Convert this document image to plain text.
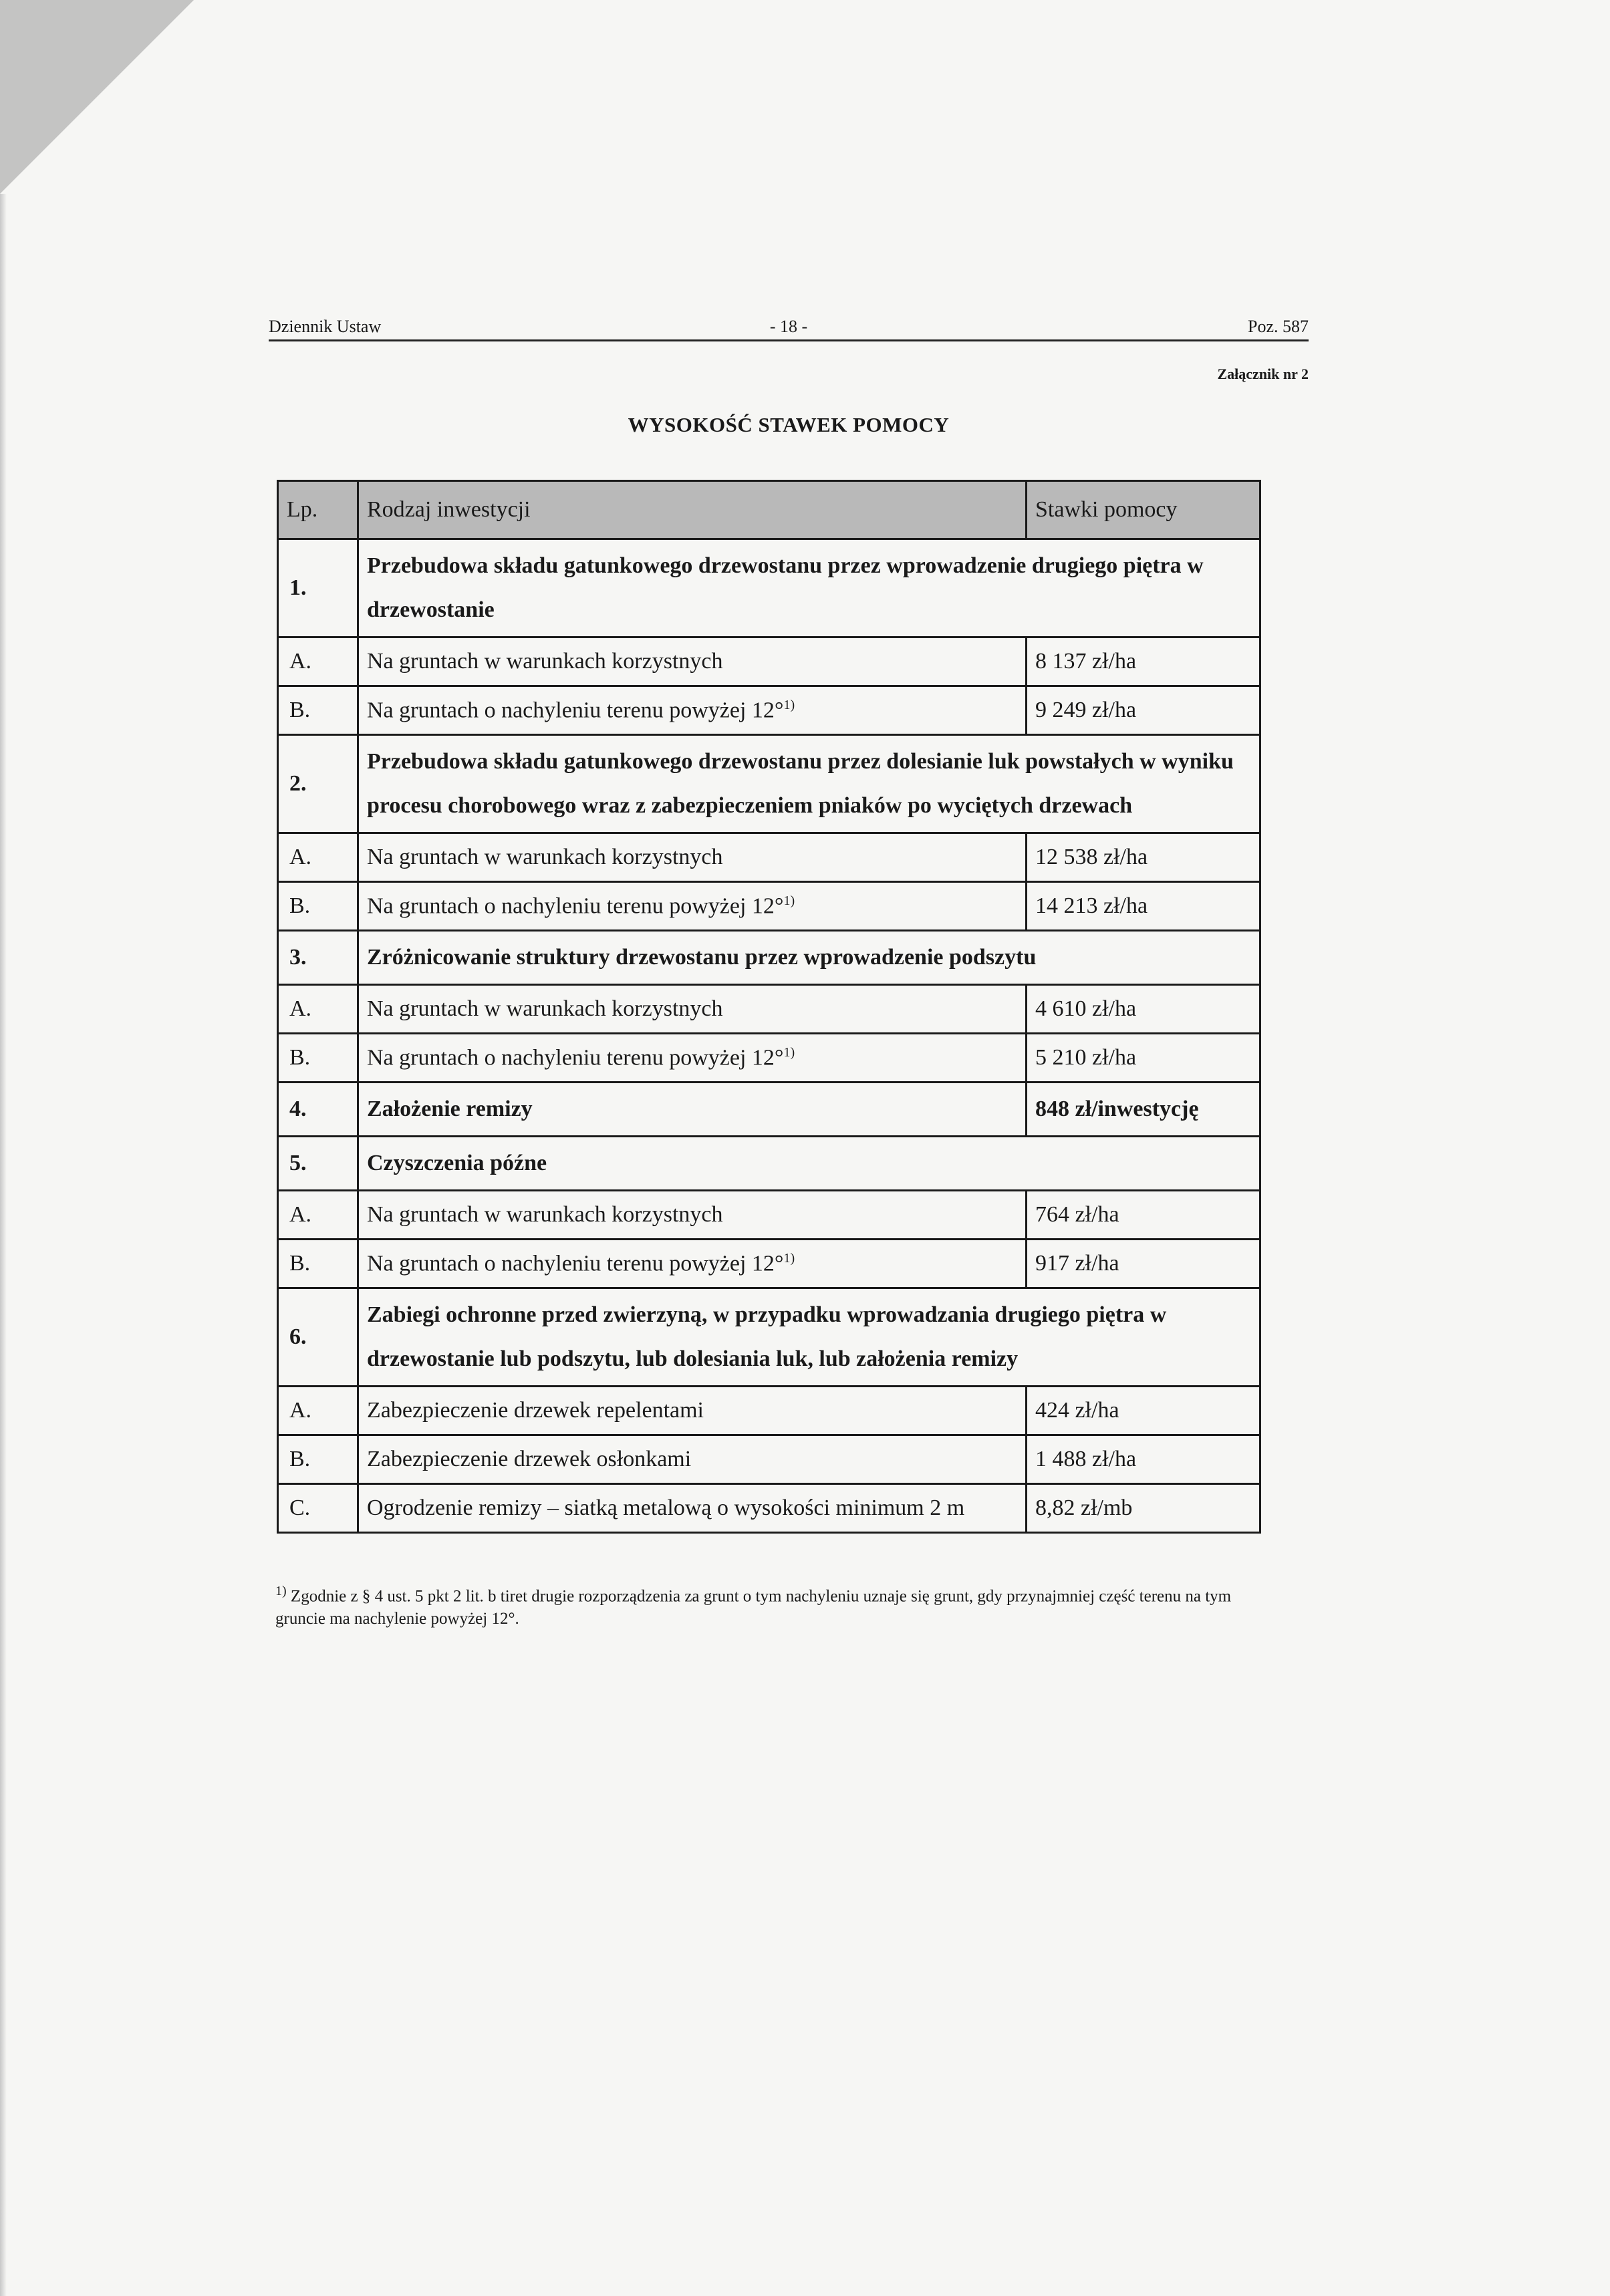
Dziennik Ustaw	- 18 -	Poz. 587
Załącznik nr 2
WYSOKOŚĆ STAWEK POMOCY
Lp.	Rodzaj inwestycji	Stawki pomocy
1.	Przebudowa składu gatunkowego drzewostanu przez wprowadzenie drugiego piętra w drzewostanie	
A.	Na gruntach w warunkach korzystnych	8 137 zł/ha
B.	Na gruntach o nachyleniu terenu powyżej 12°$^{1)}$	9 249 zł/ha
2.	Przebudowa składu gatunkowego drzewostanu przez dolesianie luk powstałych w wyniku procesu chorobowego wraz z zabezpieczeniem pniaków po wyciętych drzewach	
A.	Na gruntach w warunkach korzystnych	12 538 zł/ha
B.	Na gruntach o nachyleniu terenu powyżej 12°$^{1)}$	14 213 zł/ha
3.	Zróżnicowanie struktury drzewostanu przez wprowadzenie podszytu	
A.	Na gruntach w warunkach korzystnych	4 610 zł/ha
B.	Na gruntach o nachyleniu terenu powyżej 12°$^{1)}$	5 210 zł/ha
4.	Założenie remizy	848 zł/inwestycję
5.	Czyszczenia późne	
A.	Na gruntach w warunkach korzystnych	764 zł/ha
B.	Na gruntach o nachyleniu terenu powyżej 12°$^{1)}$	917 zł/ha
6.	Zabiegi ochronne przed zwierzyną, w przypadku wprowadzania drugiego piętra w drzewostanie lub podszytu, lub dolesiania luk, lub założenia remizy	
A.	Zabezpieczenie drzewek repelentami	424 zł/ha
B.	Zabezpieczenie drzewek osłonkami	1 488 zł/ha
C.	Ogrodzenie remizy – siatką metalową o wysokości minimum 2 m	8,82 zł/mb
$^{1)}$ Zgodnie z § 4 ust. 5 pkt 2 lit. b tiret drugie rozporządzenia za grunt o tym nachyleniu uznaje się grunt, gdy przynajmniej część terenu na tym gruncie ma nachylenie powyżej 12°.
